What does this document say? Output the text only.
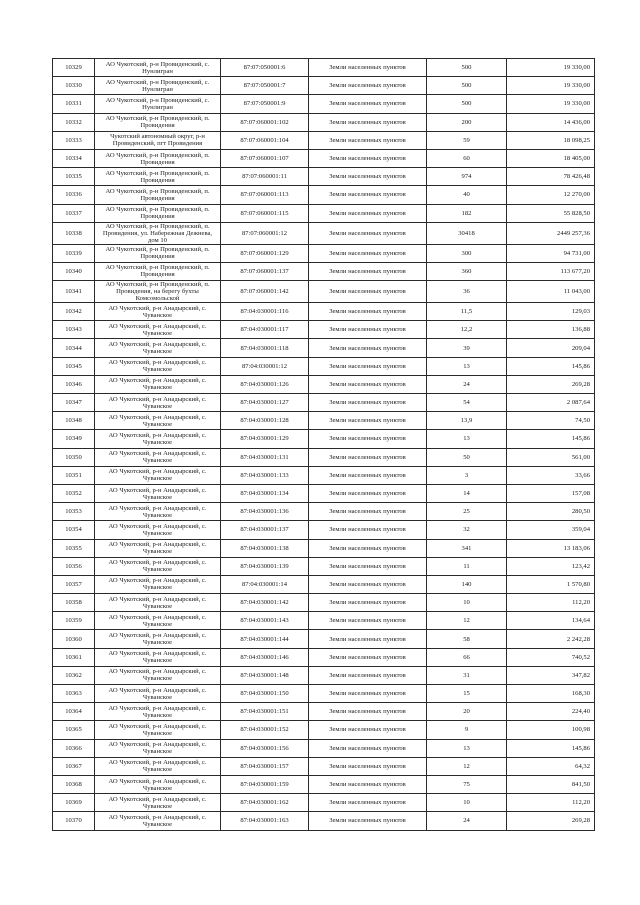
10329	АО Чукотский, р-н Провиденский, с. Нунлигран	87:07:050001:6	Земли населенных пунктов	500	19 330,00
10330	АО Чукотский, р-н Провиденский, с. Нунлигран	87:07:050001:7	Земли населенных пунктов	500	19 330,00
10331	АО Чукотский, р-н Провиденский, с. Нунлигран	87:07:050001:9	Земли населенных пунктов	500	19 330,00
10332	АО Чукотский, р-н Провиденский, п. Провидения	87:07:060001:102	Земли населенных пунктов	200	14 436,00
10333	Чукотский автономный округ, р-н Провиденский, пгт Провидения	87:07:060001:104	Земли населенных пунктов	59	18 098,25
10334	АО Чукотский, р-н Провиденский, п. Провидения	87:07:060001:107	Земли населенных пунктов	60	18 405,00
10335	АО Чукотский, р-н Провиденский, п. Провидения	87:07:060001:11	Земли населенных пунктов	974	78 426,48
10336	АО Чукотский, р-н Провиденский, п. Провидения	87:07:060001:113	Земли населенных пунктов	40	12 270,00
10337	АО Чукотский, р-н Провиденский, п. Провидения	87:07:060001:115	Земли населенных пунктов	182	55 828,50
10338	АО Чукотский, р-н Провиденский, п. Провидения, ул. Набережная Дежнева, дом 10	87:07:060001:12	Земли населенных пунктов	30418	2449 257,36
10339	АО Чукотский, р-н Провиденский, п. Провидения	87:07:060001:129	Земли населенных пунктов	300	94 731,00
10340	АО Чукотский, р-н Провиденский, п. Провидения	87:07:060001:137	Земли населенных пунктов	360	113 677,20
10341	АО Чукотский, р-н Провиденский, п. Провидения, на берегу бухты Комсомольской	87:07:060001:142	Земли населенных пунктов	36	11 043,00
10342	АО Чукотский, р-н Анадырский, с. Чуванское	87:04:030001:116	Земли населенных пунктов	11,5	129,03
10343	АО Чукотский, р-н Анадырский, с. Чуванское	87:04:030001:117	Земли населенных пунктов	12,2	136,88
10344	АО Чукотский, р-н Анадырский, с. Чуванское	87:04:030001:118	Земли населенных пунктов	39	209,04
10345	АО Чукотский, р-н Анадырский, с. Чуванское	87:04:030001:12	Земли населенных пунктов	13	145,86
10346	АО Чукотский, р-н Анадырский, с. Чуванское	87:04:030001:126	Земли населенных пунктов	24	269,28
10347	АО Чукотский, р-н Анадырский, с. Чуванское	87:04:030001:127	Земли населенных пунктов	54	2 087,64
10348	АО Чукотский, р-н Анадырский, с. Чуванское	87:04:030001:128	Земли населенных пунктов	13,9	74,50
10349	АО Чукотский, р-н Анадырский, с. Чуванское	87:04:030001:129	Земли населенных пунктов	13	145,86
10350	АО Чукотский, р-н Анадырский, с. Чуванское	87:04:030001:131	Земли населенных пунктов	50	561,00
10351	АО Чукотский, р-н Анадырский, с. Чуванское	87:04:030001:133	Земли населенных пунктов	3	33,66
10352	АО Чукотский, р-н Анадырский, с. Чуванское	87:04:030001:134	Земли населенных пунктов	14	157,08
10353	АО Чукотский, р-н Анадырский, с. Чуванское	87:04:030001:136	Земли населенных пунктов	25	280,50
10354	АО Чукотский, р-н Анадырский, с. Чуванское	87:04:030001:137	Земли населенных пунктов	32	359,04
10355	АО Чукотский, р-н Анадырский, с. Чуванское	87:04:030001:138	Земли населенных пунктов	341	13 183,06
10356	АО Чукотский, р-н Анадырский, с. Чуванское	87:04:030001:139	Земли населенных пунктов	11	123,42
10357	АО Чукотский, р-н Анадырский, с. Чуванское	87:04:030001:14	Земли населенных пунктов	140	1 570,80
10358	АО Чукотский, р-н Анадырский, с. Чуванское	87:04:030001:142	Земли населенных пунктов	10	112,20
10359	АО Чукотский, р-н Анадырский, с. Чуванское	87:04:030001:143	Земли населенных пунктов	12	134,64
10360	АО Чукотский, р-н Анадырский, с. Чуванское	87:04:030001:144	Земли населенных пунктов	58	2 242,28
10361	АО Чукотский, р-н Анадырский, с. Чуванское	87:04:030001:146	Земли населенных пунктов	66	740,52
10362	АО Чукотский, р-н Анадырский, с. Чуванское	87:04:030001:148	Земли населенных пунктов	31	347,82
10363	АО Чукотский, р-н Анадырский, с. Чуванское	87:04:030001:150	Земли населенных пунктов	15	168,30
10364	АО Чукотский, р-н Анадырский, с. Чуванское	87:04:030001:151	Земли населенных пунктов	20	224,40
10365	АО Чукотский, р-н Анадырский, с. Чуванское	87:04:030001:152	Земли населенных пунктов	9	100,98
10366	АО Чукотский, р-н Анадырский, с. Чуванское	87:04:030001:156	Земли населенных пунктов	13	145,86
10367	АО Чукотский, р-н Анадырский, с. Чуванское	87:04:030001:157	Земли населенных пунктов	12	64,32
10368	АО Чукотский, р-н Анадырский, с. Чуванское	87:04:030001:159	Земли населенных пунктов	75	841,50
10369	АО Чукотский, р-н Анадырский, с. Чуванское	87:04:030001:162	Земли населенных пунктов	10	112,20
10370	АО Чукотский, р-н Анадырский, с. Чуванское	87:04:030001:163	Земли населенных пунктов	24	269,28
